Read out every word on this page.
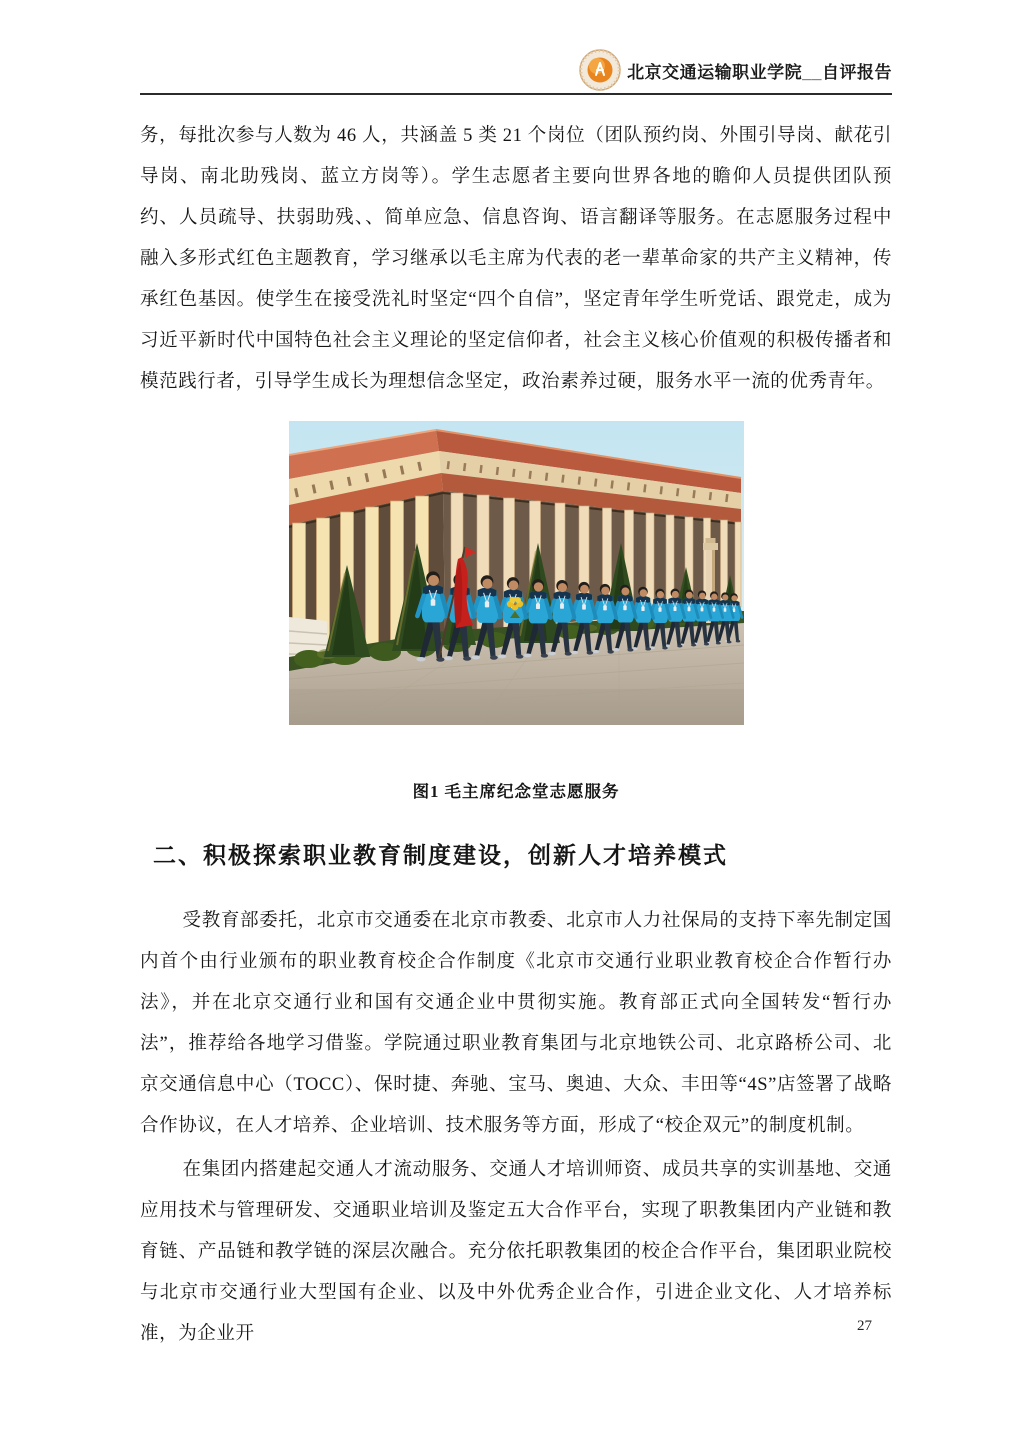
北京交通运输职业学院__自评报告

务，每批次参与人数为 46 人，共涵盖 5 类 21 个岗位（团队预约岗、外围引导岗、献花引导岗、南北助残岗、蓝立方岗等）。学生志愿者主要向世界各地的瞻仰人员提供团队预约、人员疏导、扶弱助残、、简单应急、信息咨询、语言翻译等服务。在志愿服务过程中融入多形式红色主题教育，学习继承以毛主席为代表的老一辈革命家的共产主义精神，传承红色基因。使学生在接受洗礼时坚定“四个自信”，坚定青年学生听党话、跟党走，成为习近平新时代中国特色社会主义理论的坚定信仰者，社会主义核心价值观的积极传播者和模范践行者，引导学生成长为理想信念坚定，政治素养过硬，服务水平一流的优秀青年。

图1 毛主席纪念堂志愿服务

二、积极探索职业教育制度建设，创新人才培养模式

受教育部委托，北京市交通委在北京市教委、北京市人力社保局的支持下率先制定国内首个由行业颁布的职业教育校企合作制度《北京市交通行业职业教育校企合作暂行办法》，并在北京交通行业和国有交通企业中贯彻实施。教育部正式向全国转发“暂行办法”，推荐给各地学习借鉴。学院通过职业教育集团与北京地铁公司、北京路桥公司、北京交通信息中心（TOCC）、保时捷、奔驰、宝马、奥迪、大众、丰田等“4S”店签署了战略合作协议，在人才培养、企业培训、技术服务等方面，形成了“校企双元”的制度机制。

在集团内搭建起交通人才流动服务、交通人才培训师资、成员共享的实训基地、交通应用技术与管理研发、交通职业培训及鉴定五大合作平台，实现了职教集团内产业链和教育链、产品链和教学链的深层次融合。充分依托职教集团的校企合作平台，集团职业院校与北京市交通行业大型国有企业、以及中外优秀企业合作，引进企业文化、人才培养标准，为企业开	27
